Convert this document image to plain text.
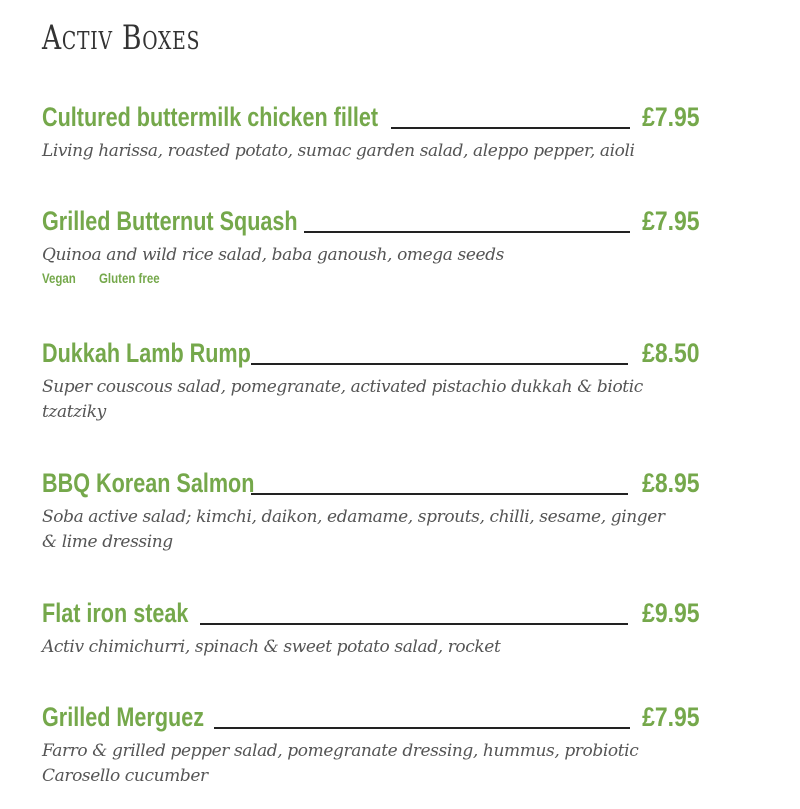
Activ Boxes
Cultured buttermilk chicken fillet	£7.95
Living harissa, roasted potato, sumac garden salad, aleppo pepper, aioli
Grilled Butternut Squash	£7.95
Quinoa and wild rice salad, baba ganoush, omega seeds
Vegan Gluten free
Dukkah Lamb Rump	£8.50
Super couscous salad, pomegranate, activated pistachio dukkah & biotic tzatziky
BBQ Korean Salmon	£8.95
Soba active salad; kimchi, daikon, edamame, sprouts, chilli, sesame, ginger & lime dressing
Flat iron steak	£9.95
Activ chimichurri, spinach & sweet potato salad, rocket
Grilled Merguez	£7.95
Farro & grilled pepper salad, pomegranate dressing, hummus, probiotic Carosello cucumber
